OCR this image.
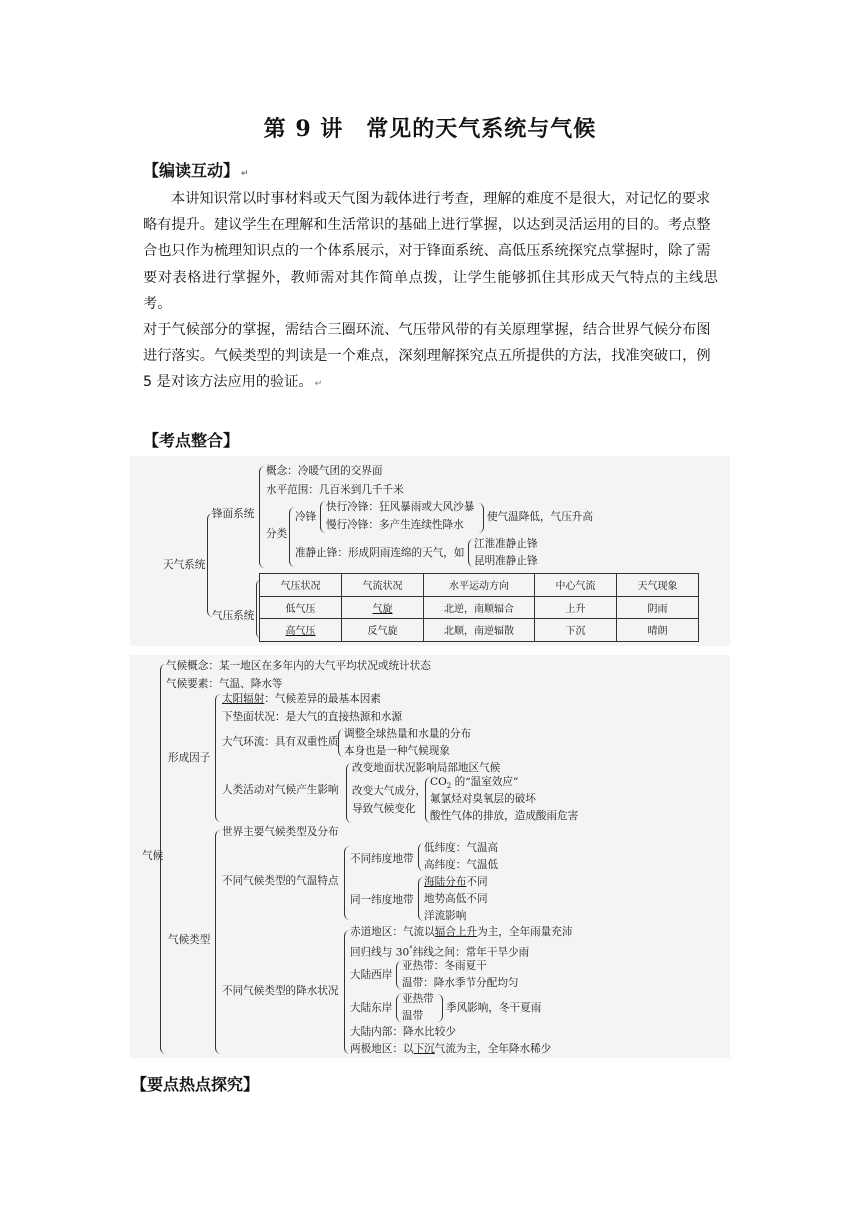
第 9 讲　常见的天气系统与气候
【编读互动】 ↵

本讲知识常以时事材料或天气图为载体进行考查，理解的难度不是很大，对记忆的要求

略有提升。建议学生在理解和生活常识的基础上进行掌握，以达到灵活运用的目的。考点整

合也只作为梳理知识点的一个体系展示，对于锋面系统、高低压系统探究点掌握时，除了需

要对表格进行掌握外，教师需对其作简单点拨，让学生能够抓住其形成天气特点的主线思考。

对于气候部分的掌握，需结合三圈环流、气压带风带的有关原理掌握，结合世界气候分布图

进行落实。气候类型的判读是一个难点，深刻理解探究点五所提供的方法，找准突破口，例

5 是对该方法应用的验证。 ↵

【考点整合】
天气系统
锋面系统
概念：冷暖气团的交界面
水平范围：几百米到几千千米
分类
冷锋
快行冷锋：狂风暴雨或大风沙暴
慢行冷锋：多产生连续性降水
使气温降低，气压升高
准静止锋：形成阴雨连绵的天气，如
江淮准静止锋
昆明准静止锋
气压系统
气压状况	气流状况	水平运动方向	中心气流	天气现象
低气压	气旋	北逆，南顺辐合	上升	阴雨
高气压	反气旋	北顺，南逆辐散	下沉	晴朗
气候
气候概念：某一地区在多年内的大气平均状况或统计状态
气候要素：气温、降水等
形成因子
太阳辐射：气候差异的最基本因素
下垫面状况：是大气的直接热源和水源
大气环流：具有双重性质
调整全球热量和水量的分布
本身也是一种气候现象
人类活动对气候产生影响
改变地面状况影响局部地区气候
改变大气成分，
导致气候变化
$CO_2$ 的“温室效应”
氟氯烃对臭氧层的破坏
酸性气体的排放，造成酸雨危害
气候类型
世界主要气候类型及分布
不同气候类型的气温特点
不同纬度地带
低纬度：气温高
高纬度：气温低
同一纬度地带
海陆分布不同
地势高低不同
洋流影响
不同气候类型的降水状况
赤道地区：气流以辐合上升为主，全年雨量充沛
回归线与 30°纬线之间：常年干旱少雨
大陆西岸
亚热带：冬雨夏干
温带：降水季节分配均匀
大陆东岸
亚热带
温带
季风影响，冬干夏雨
大陆内部：降水比较少
两极地区：以下沉气流为主，全年降水稀少
【要点热点探究】
